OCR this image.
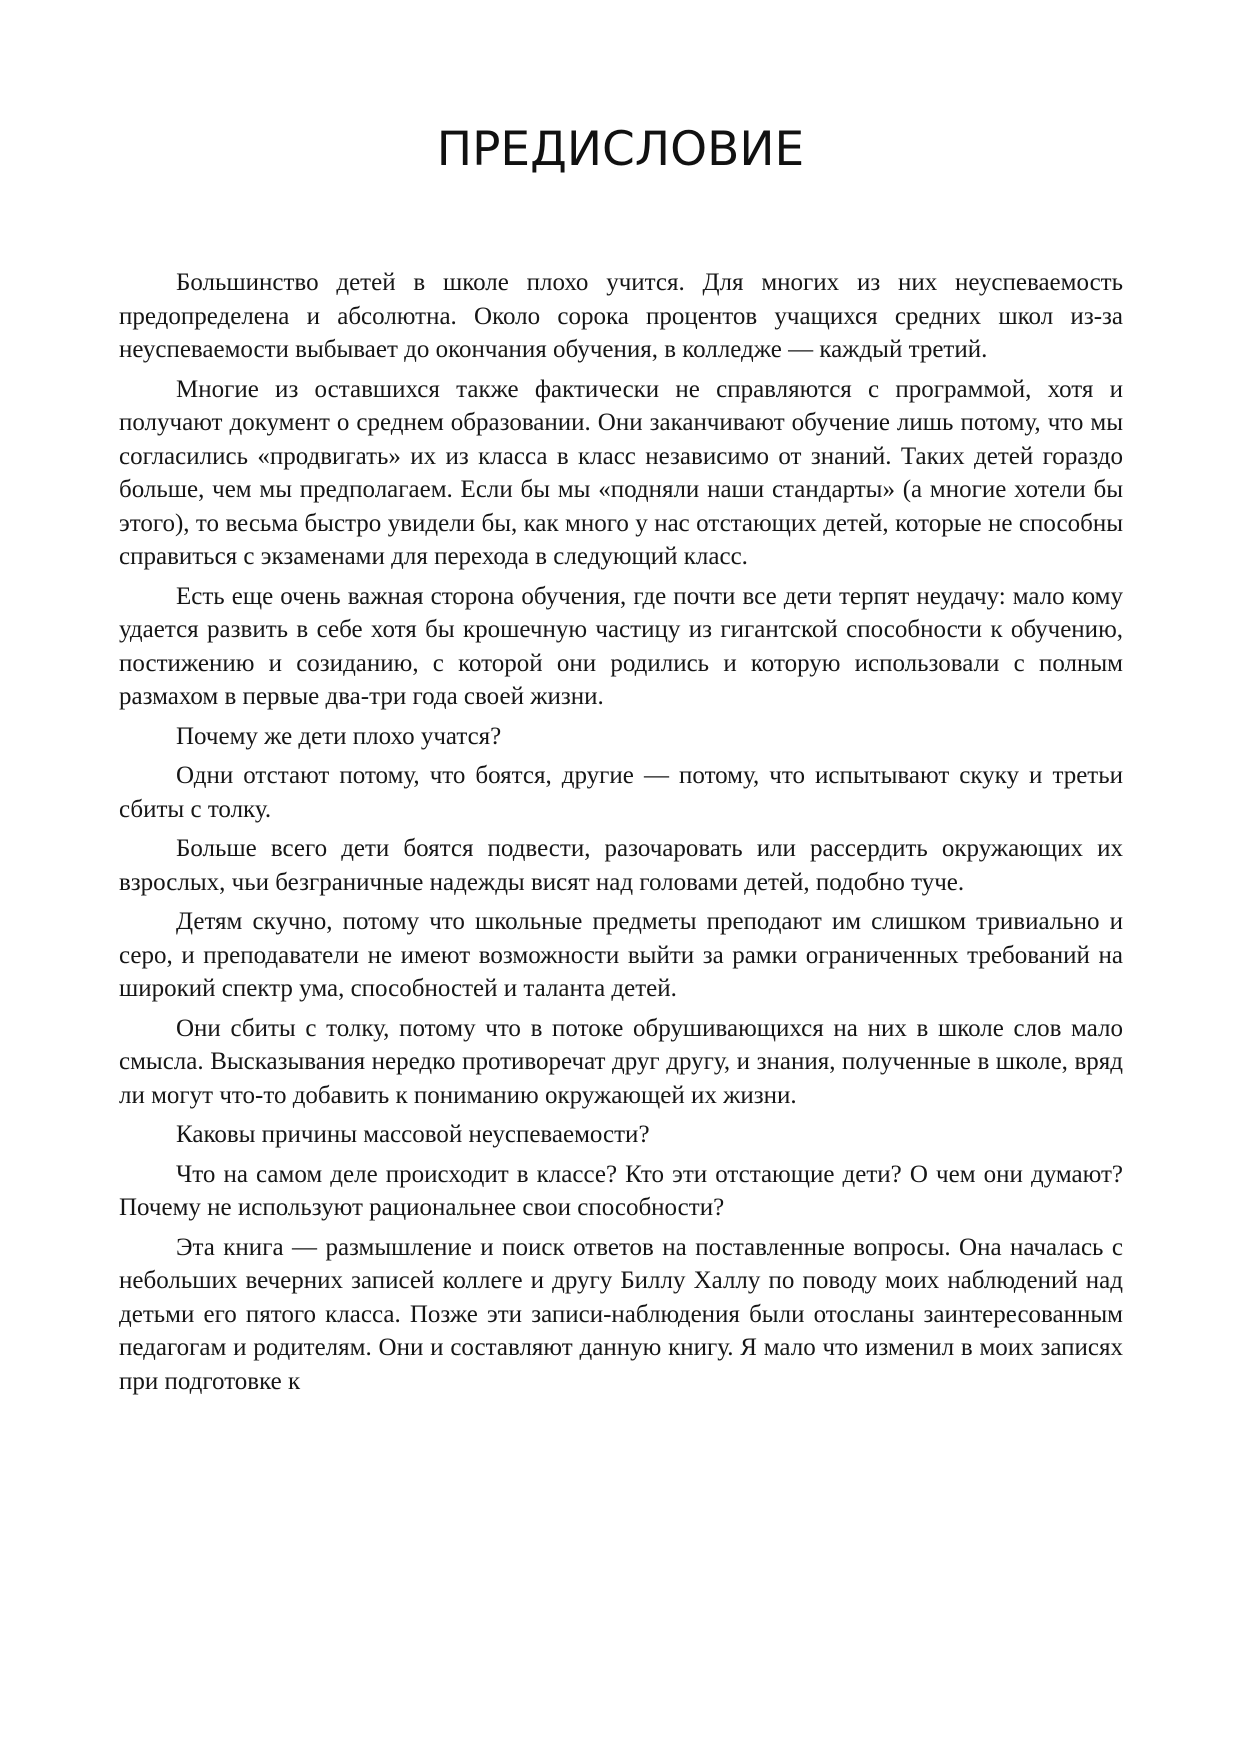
ПРЕДИСЛОВИЕ

Большинство детей в школе плохо учится. Для многих из них неуспеваемость предопределена и абсолютна. Около сорока процентов учащихся средних школ из-за неуспеваемости выбывает до окончания обучения, в колледже — каждый третий.

Многие из оставшихся также фактически не справляются с программой, хотя и получают документ о среднем образовании. Они заканчивают обучение лишь потому, что мы согласились «продвигать» их из класса в класс независимо от знаний. Таких детей гораздо больше, чем мы предполагаем. Если бы мы «подняли наши стандарты» (а многие хотели бы этого), то весьма быстро увидели бы, как много у нас отстающих детей, которые не способны справиться с экзаменами для перехода в следующий класс.

Есть еще очень важная сторона обучения, где почти все дети терпят неудачу: мало кому удается развить в себе хотя бы крошечную частицу из гигантской способности к обучению, постижению и созиданию, с которой они родились и которую использовали с полным размахом в первые два-три года своей жизни.

Почему же дети плохо учатся?

Одни отстают потому, что боятся, другие — потому, что испытывают скуку и третьи сбиты с толку.

Больше всего дети боятся подвести, разочаровать или рассердить окружающих их взрослых, чьи безграничные надежды висят над головами детей, подобно туче.

Детям скучно, потому что школьные предметы преподают им слишком тривиально и серо, и преподаватели не имеют возможности выйти за рамки ограниченных требований на широкий спектр ума, способностей и таланта детей.

Они сбиты с толку, потому что в потоке обрушивающихся на них в школе слов мало смысла. Высказывания нередко противоречат друг другу, и знания, полученные в школе, вряд ли могут что-то добавить к пониманию окружающей их жизни.

Каковы причины массовой неуспеваемости?

Что на самом деле происходит в классе? Кто эти отстающие дети? О чем они думают? Почему не используют рациональнее свои способности?

Эта книга — размышление и поиск ответов на поставленные вопросы. Она началась с небольших вечерних записей коллеге и другу Биллу Халлу по поводу моих наблюдений над детьми его пятого класса. Позже эти записи-наблюдения были отосланы заинтересованным педагогам и родителям. Они и составляют данную книгу. Я мало что изменил в моих записях при подготовке к
